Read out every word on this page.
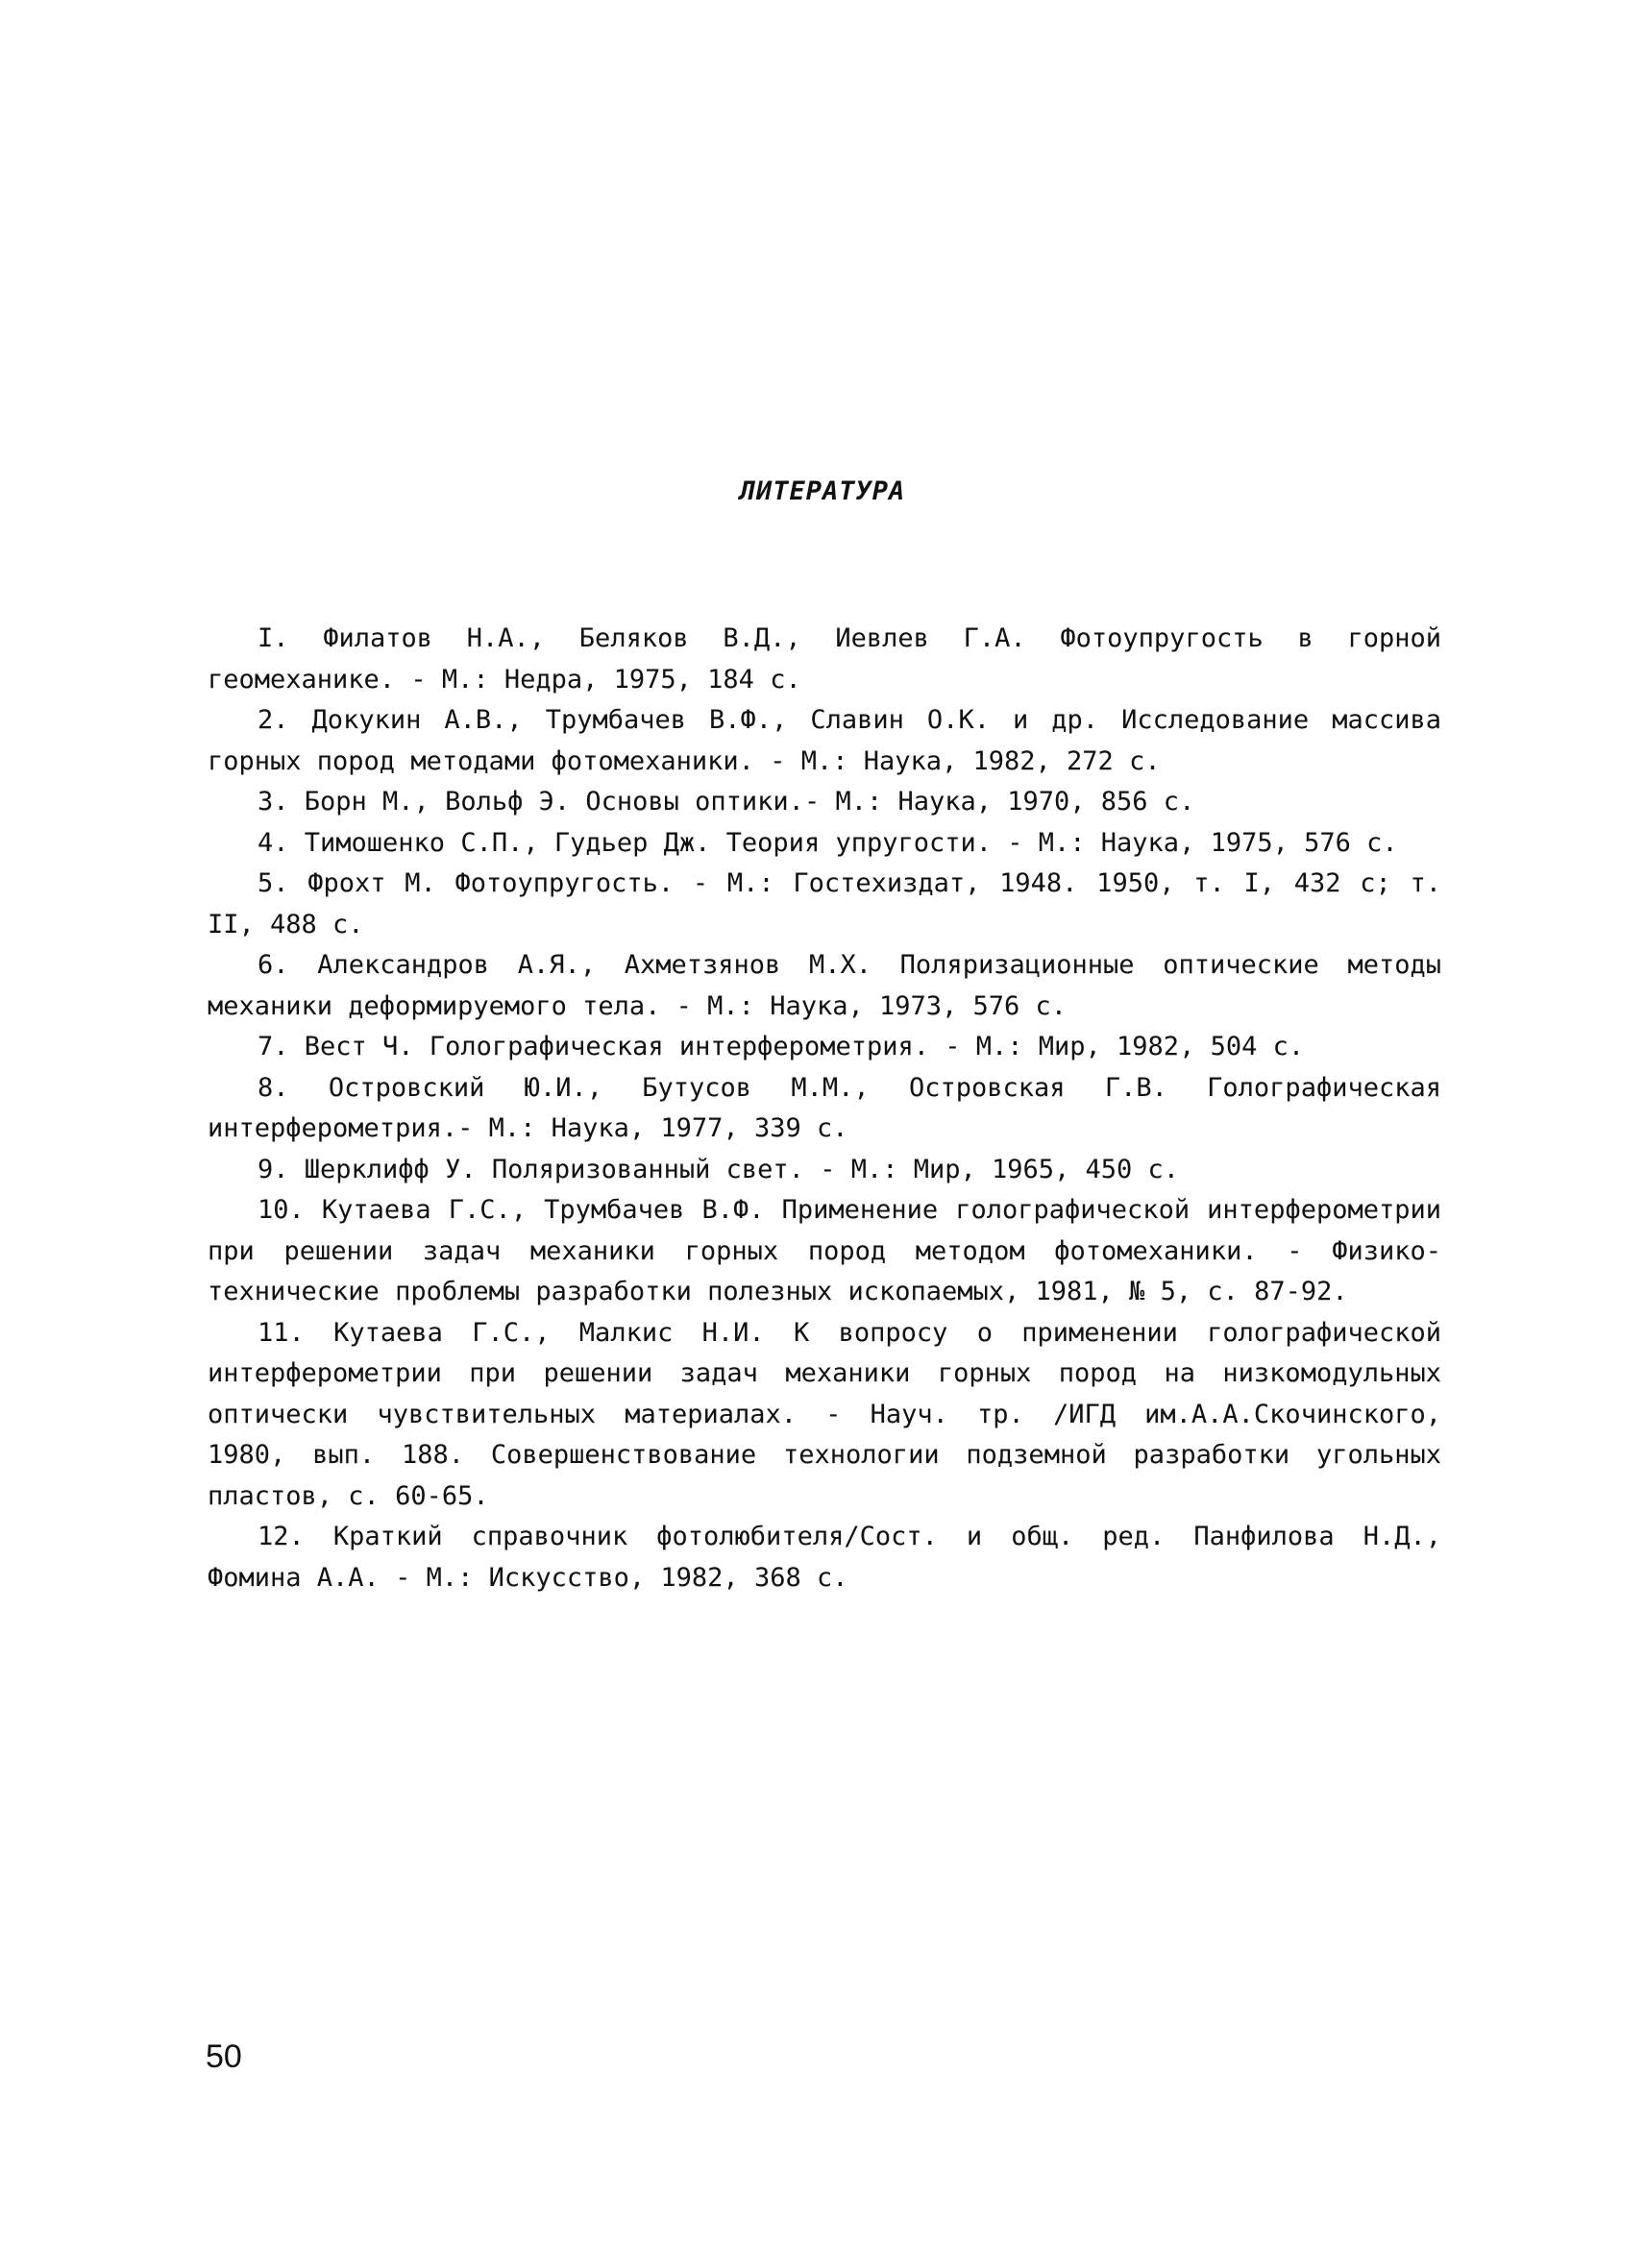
ЛИТЕРАТУРА

I. Филатов Н.А., Беляков В.Д., Иевлев Г.А. Фотоупругость в горной геомеханике. - М.: Недра, 1975, 184 с.

2. Докукин А.В., Трумбачев В.Ф., Славин О.К. и др. Исследование массива горных пород методами фотомеханики. - М.: Наука, 1982, 272 с.

3. Борн М., Вольф Э. Основы оптики.- М.: Наука, 1970, 856 с.

4. Тимошенко С.П., Гудьер Дж. Теория упругости. - М.: Наука, 1975, 576 с.

5. Фрохт М. Фотоупругость. - М.: Гостехиздат, 1948. 1950, т. I, 432 с; т. II, 488 с.

6. Александров А.Я., Ахметзянов М.Х. Поляризационные оптические методы механики деформируемого тела. - М.: Наука, 1973, 576 с.

7. Вест Ч. Голографическая интерферометрия. - М.: Мир, 1982, 504 с.

8. Островский Ю.И., Бутусов М.М., Островская Г.В. Голографическая интерферометрия.- М.: Наука, 1977, 339 с.

9. Шерклифф У. Поляризованный свет. - М.: Мир, 1965, 450 с.

10. Кутаева Г.С., Трумбачев В.Ф. Применение голографической интерферометрии при решении задач механики горных пород методом фотомеханики. - Физико-технические проблемы разработки полезных ископаемых, 1981, № 5, с. 87-92.

11. Кутаева Г.С., Малкис Н.И. К вопросу о применении голографической интерферометрии при решении задач механики горных пород на низкомодульных оптически чувствительных материалах. - Науч. тр. /ИГД им.А.А.Скочинского, 1980, вып. 188. Совершенствование технологии подземной разработки угольных пластов, с. 60-65.

12. Краткий справочник фотолюбителя/Сост. и общ. ред. Панфилова Н.Д., Фомина А.А. - М.: Искусство, 1982, 368 с.

50
